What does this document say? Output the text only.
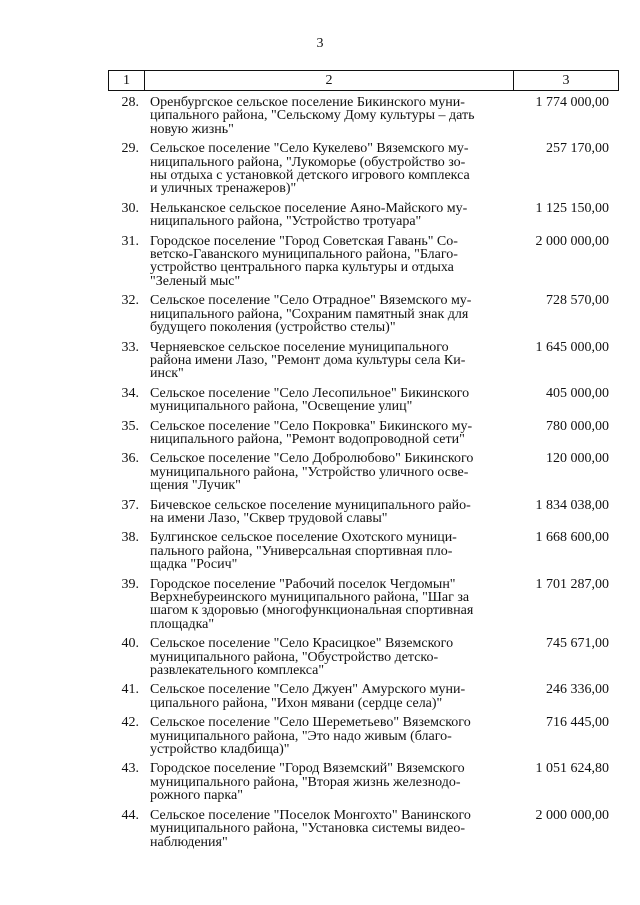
3
1	2	3
28. Оренбургское сельское поселение Бикинского муни-
ципального района, "Сельскому Дому культуры – дать
новую жизнь"
1 774 000,00
29. Сельское поселение "Село Кукелево" Вяземского му-
ниципального района, "Лукоморье (обустройство зо-
ны отдыха с установкой детского игрового комплекса
и уличных тренажеров)"
257 170,00
30. Нельканское сельское поселение Аяно-Майского му-
ниципального района, "Устройство тротуара"
1 125 150,00
31. Городское поселение "Город Советская Гавань" Со-
ветско-Гаванского муниципального района, "Благо-
устройство центрального парка культуры и отдыха
"Зеленый мыс"
2 000 000,00
32. Сельское поселение "Село Отрадное" Вяземского му-
ниципального района, "Сохраним памятный знак для
будущего поколения (устройство стелы)"
728 570,00
33. Черняевское сельское поселение муниципального
района имени Лазо, "Ремонт дома культуры села Ки-
инск"
1 645 000,00
34. Сельское поселение "Село Лесопильное" Бикинского
муниципального района, "Освещение улиц"
405 000,00
35. Сельское поселение "Село Покровка" Бикинского му-
ниципального района, "Ремонт водопроводной сети"
780 000,00
36. Сельское поселение "Село Добролюбово" Бикинского
муниципального района, "Устройство уличного осве-
щения "Лучик"
120 000,00
37. Бичевское сельское поселение муниципального райо-
на имени Лазо, "Сквер трудовой славы"
1 834 038,00
38. Булгинское сельское поселение Охотского муници-
пального района, "Универсальная спортивная пло-
щадка "Росич"
1 668 600,00
39. Городское поселение "Рабочий поселок Чегдомын"
Верхнебуреинского муниципального района, "Шаг за
шагом к здоровью (многофункциональная спортивная
площадка"
1 701 287,00
40. Сельское поселение "Село Красицкое" Вяземского
муниципального района, "Обустройство детско-
развлекательного комплекса"
745 671,00
41. Сельское поселение "Село Джуен" Амурского муни-
ципального района, "Ихон мявани (сердце села)"
246 336,00
42. Сельское поселение "Село Шереметьево" Вяземского
муниципального района, "Это надо живым (благо-
устройство кладбища)"
716 445,00
43. Городское поселение "Город Вяземский" Вяземского
муниципального района, "Вторая жизнь железнодо-
рожного парка"
1 051 624,80
44. Сельское поселение "Поселок Монгохто" Ванинского
муниципального района, "Установка системы видео-
наблюдения"
2 000 000,00
